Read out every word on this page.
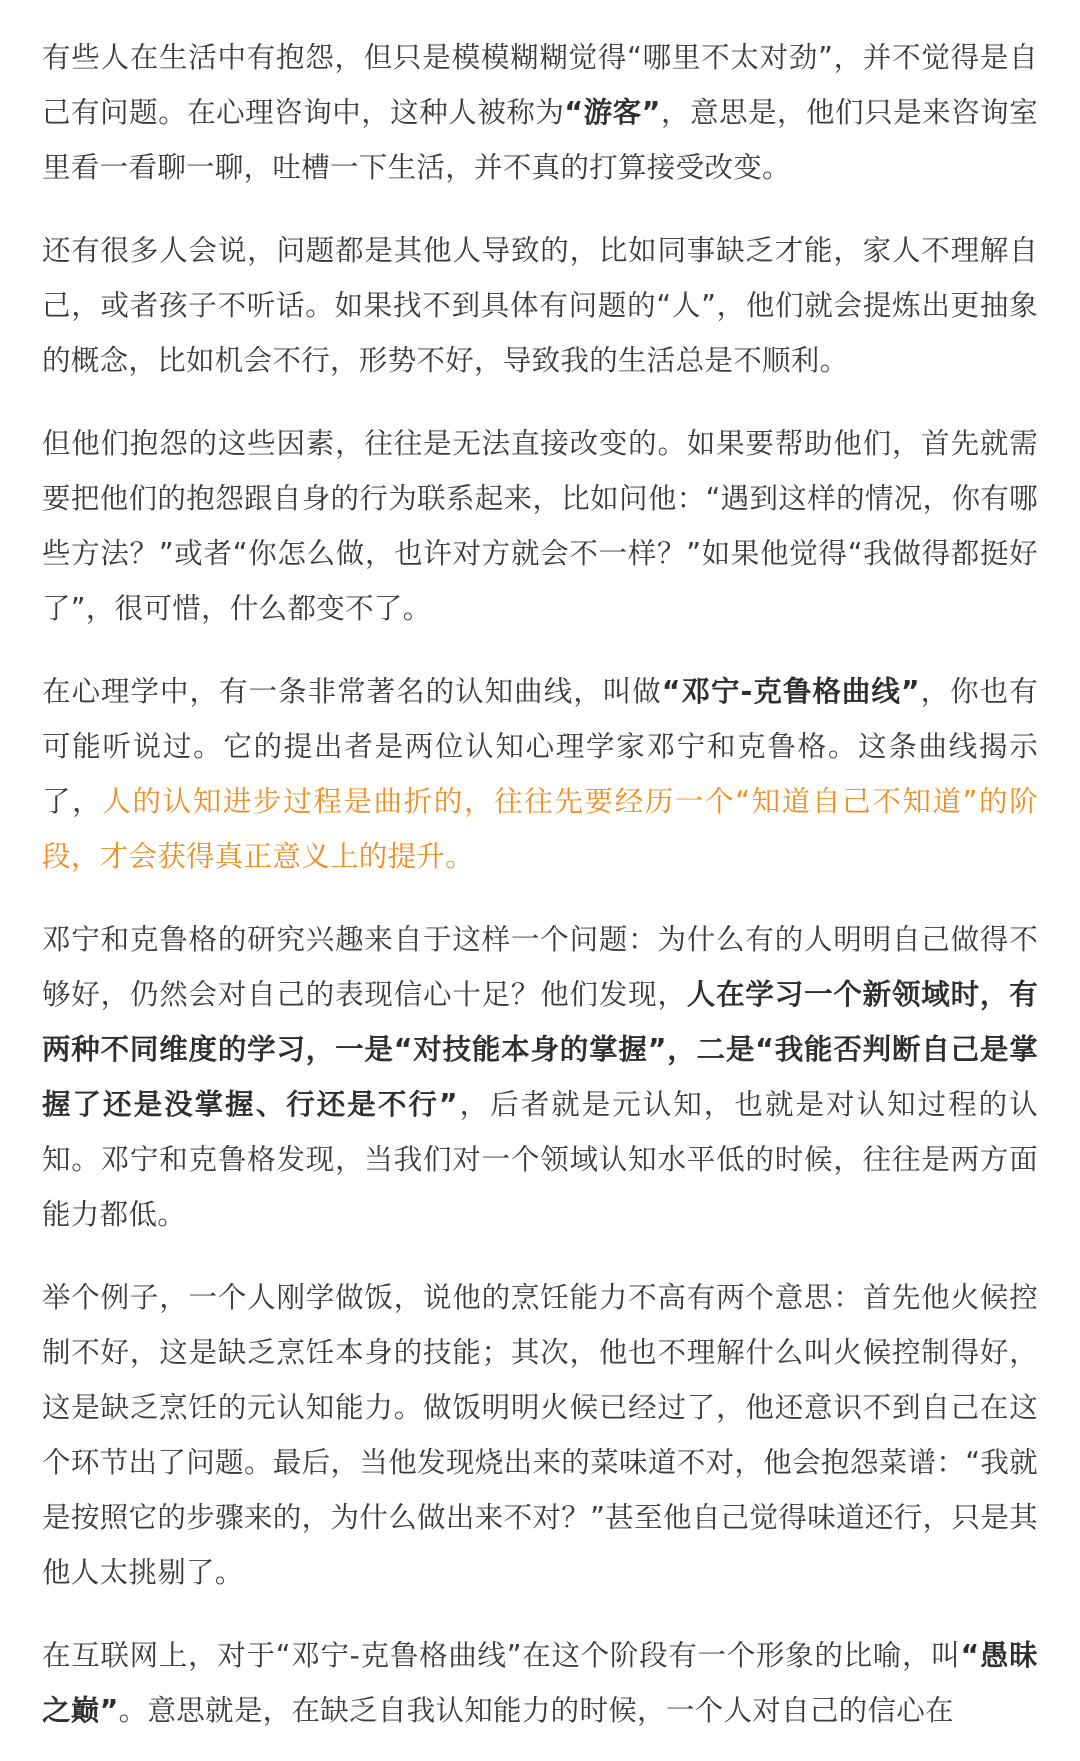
有些人在生活中有抱怨，但只是模模糊糊觉得“哪里不太对劲”，并不觉得是自己有问题。在心理咨询中，这种人被称为“游客”，意思是，他们只是来咨询室里看一看聊一聊，吐槽一下生活，并不真的打算接受改变。

还有很多人会说，问题都是其他人导致的，比如同事缺乏才能，家人不理解自己，或者孩子不听话。如果找不到具体有问题的“人”，他们就会提炼出更抽象的概念，比如机会不行，形势不好，导致我的生活总是不顺利。

但他们抱怨的这些因素，往往是无法直接改变的。如果要帮助他们，首先就需要把他们的抱怨跟自身的行为联系起来，比如问他：“遇到这样的情况，你有哪些方法？”或者“你怎么做，也许对方就会不一样？”如果他觉得“我做得都挺好了”，很可惜，什么都变不了。

在心理学中，有一条非常著名的认知曲线，叫做“邓宁-克鲁格曲线”，你也有可能听说过。它的提出者是两位认知心理学家邓宁和克鲁格。这条曲线揭示了，人的认知进步过程是曲折的，往往先要经历一个“知道自己不知道”的阶段，才会获得真正意义上的提升。

邓宁和克鲁格的研究兴趣来自于这样一个问题：为什么有的人明明自己做得不够好，仍然会对自己的表现信心十足？他们发现，人在学习一个新领域时，有两种不同维度的学习，一是“对技能本身的掌握”，二是“我能否判断自己是掌握了还是没掌握、行还是不行”，后者就是元认知，也就是对认知过程的认知。邓宁和克鲁格发现，当我们对一个领域认知水平低的时候，往往是两方面能力都低。

举个例子，一个人刚学做饭，说他的烹饪能力不高有两个意思：首先他火候控制不好，这是缺乏烹饪本身的技能；其次，他也不理解什么叫火候控制得好，这是缺乏烹饪的元认知能力。做饭明明火候已经过了，他还意识不到自己在这个环节出了问题。最后，当他发现烧出来的菜味道不对，他会抱怨菜谱：“我就是按照它的步骤来的，为什么做出来不对？”甚至他自己觉得味道还行，只是其他人太挑剔了。

在互联网上，对于“邓宁-克鲁格曲线”在这个阶段有一个形象的比喻，叫“愚昧之巅”。意思就是，在缺乏自我认知能力的时候，一个人对自己的信心在
